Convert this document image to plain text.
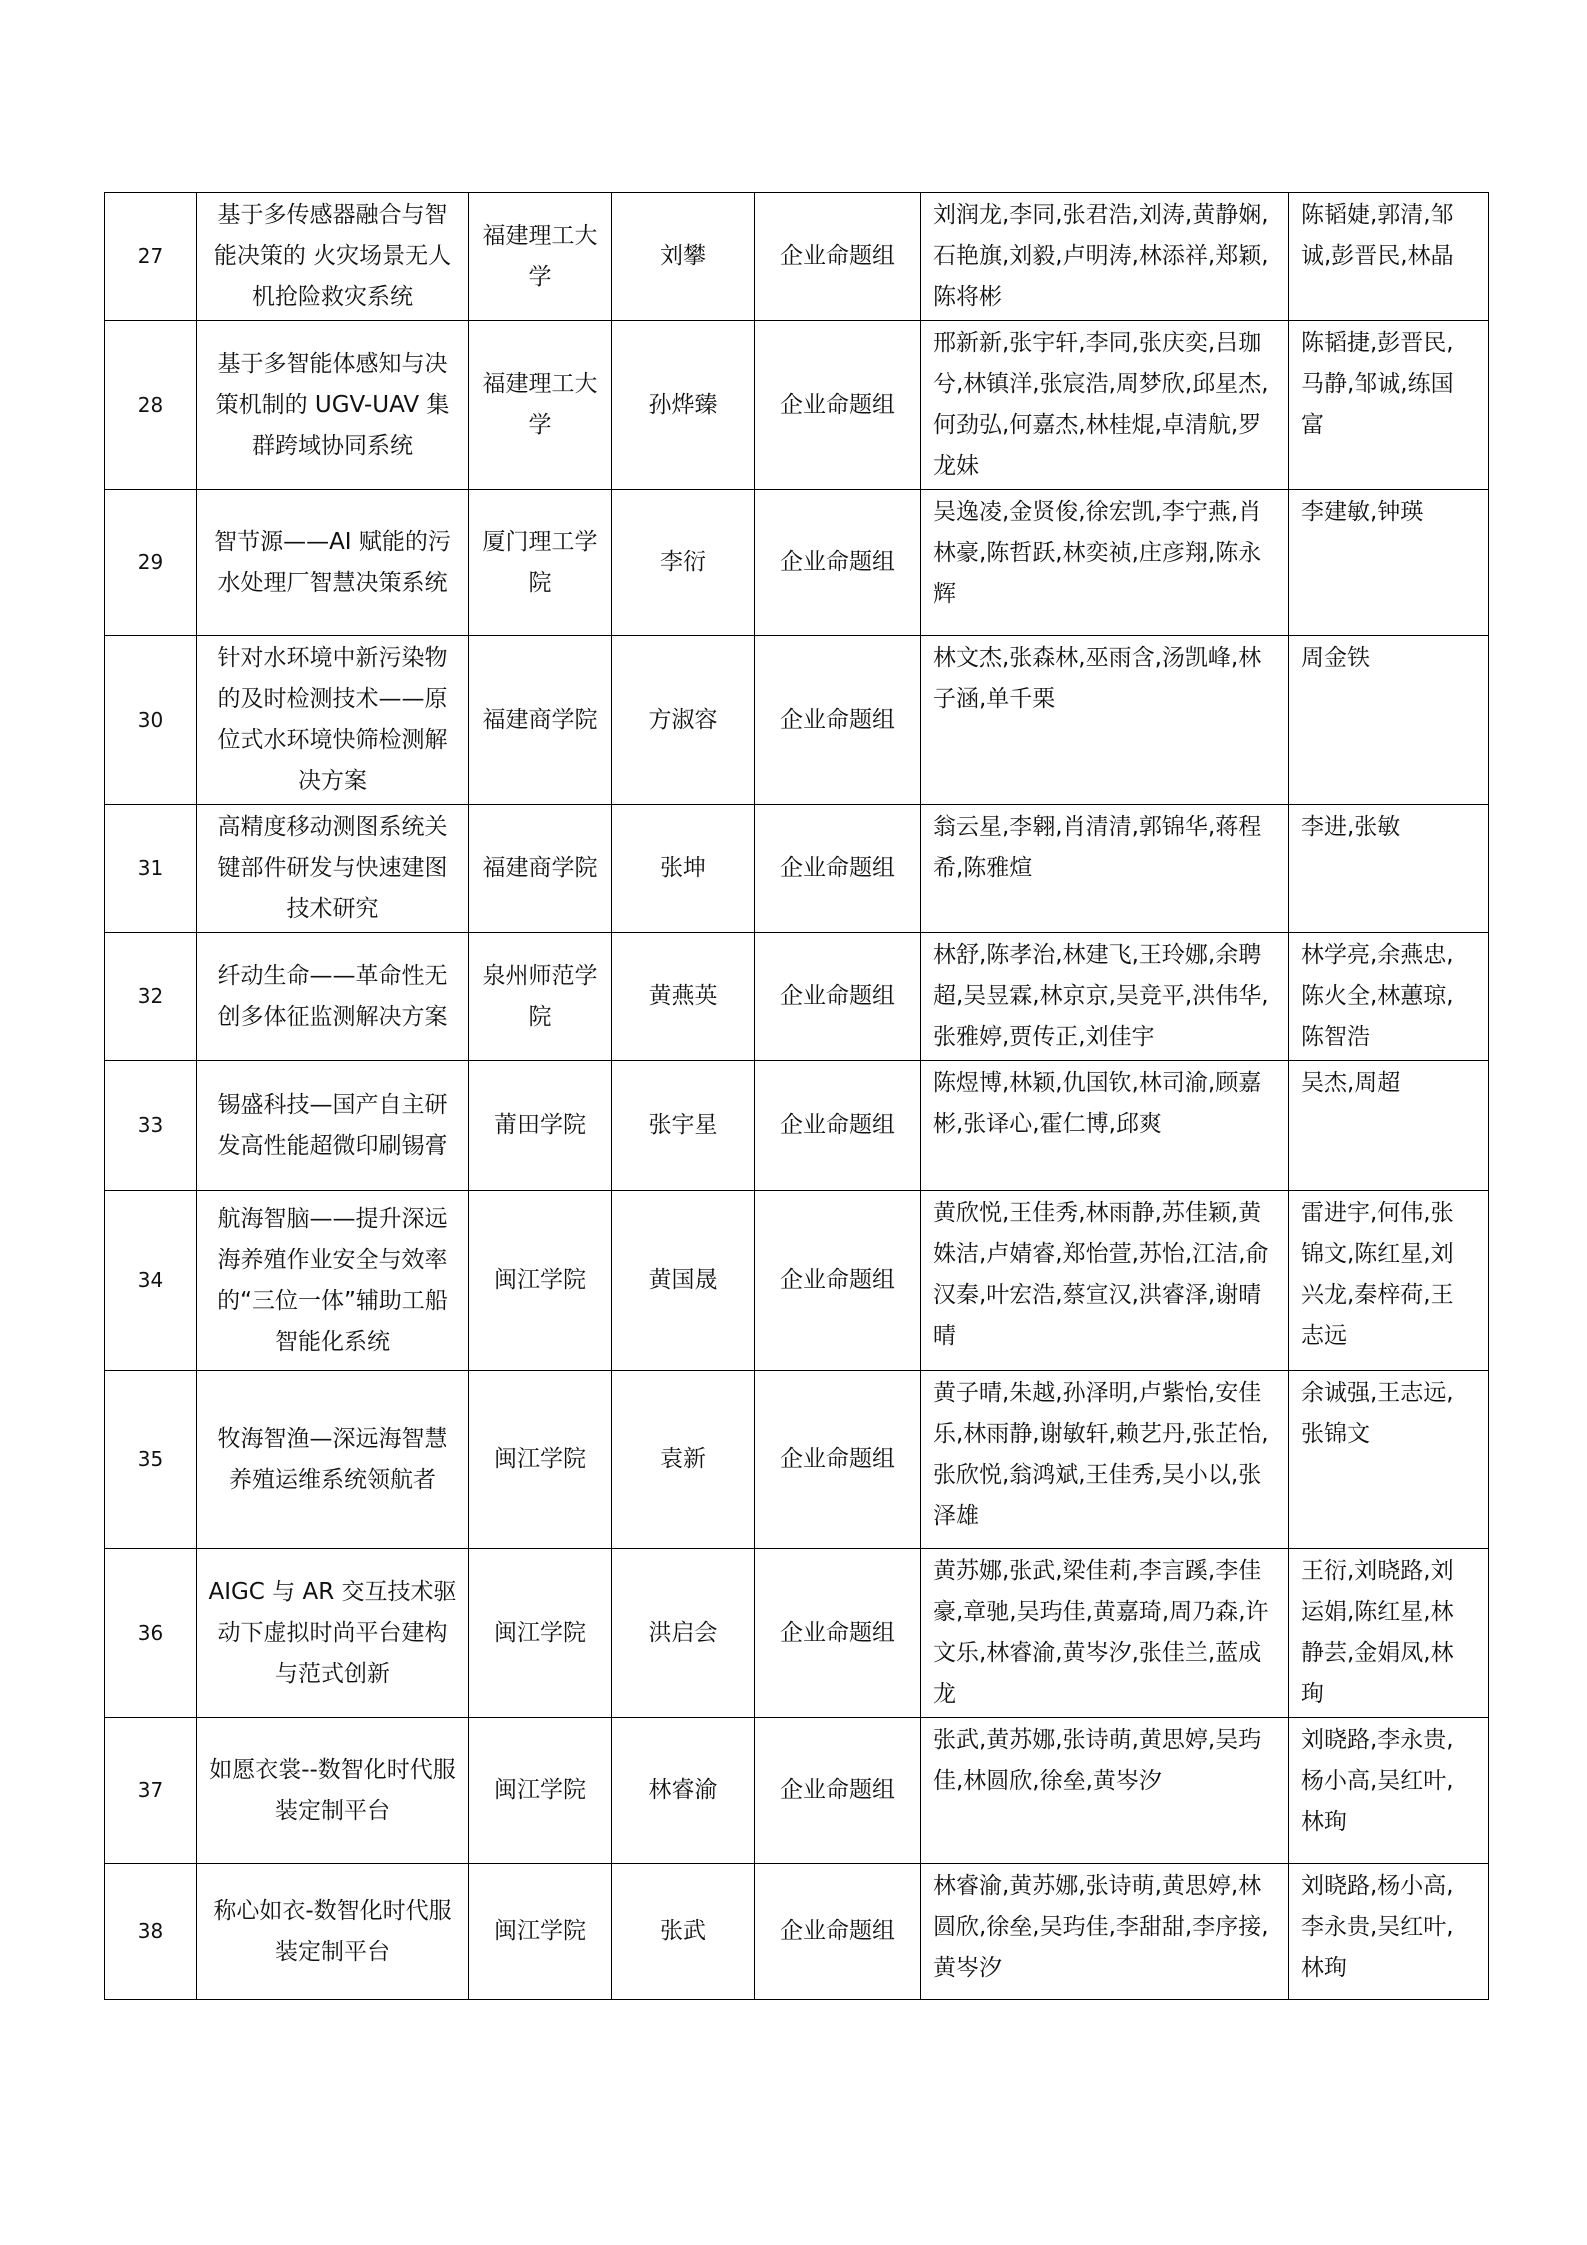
27	基于多传感器融合与智能决策的 火灾场景无人机抢险救灾系统	福建理工大学	刘攀	企业命题组	刘润龙,李同,张君浩,刘涛,黄静娴,石艳旗,刘毅,卢明涛,林添祥,郑颖,陈将彬	陈韬婕,郭清,邹诚,彭晋民,林晶
28	基于多智能体感知与决策机制的 UGV-UAV 集群跨域协同系统	福建理工大学	孙烨臻	企业命题组	邢新新,张宇轩,李同,张庆奕,吕珈兮,林镇洋,张宸浩,周梦欣,邱星杰,何劲弘,何嘉杰,林桂焜,卓清航,罗龙妹	陈韬捷,彭晋民,马静,邹诚,练国富
29	智节源——AI 赋能的污水处理厂智慧决策系统	厦门理工学院	李衍	企业命题组	吴逸凌,金贤俊,徐宏凯,李宁燕,肖林豪,陈哲跃,林奕祯,庄彦翔,陈永辉	李建敏,钟瑛
30	针对水环境中新污染物的及时检测技术——原位式水环境快筛检测解决方案	福建商学院	方淑容	企业命题组	林文杰,张森林,巫雨含,汤凯峰,林子涵,单千栗	周金铁
31	高精度移动测图系统关键部件研发与快速建图技术研究	福建商学院	张坤	企业命题组	翁云星,李翱,肖清清,郭锦华,蒋程希,陈雅煊	李进,张敏
32	纤动生命——革命性无创多体征监测解决方案	泉州师范学院	黄燕英	企业命题组	林舒,陈孝治,林建飞,王玲娜,余聘超,吴昱霖,林京京,吴竞平,洪伟华,张雅婷,贾传正,刘佳宇	林学亮,余燕忠,陈火全,林蕙琼,陈智浩
33	锡盛科技—国产自主研发高性能超微印刷锡膏	莆田学院	张宇星	企业命题组	陈煜博,林颖,仇国钦,林司渝,顾嘉彬,张译心,霍仁博,邱爽	吴杰,周超
34	航海智脑——提升深远海养殖作业安全与效率的“三位一体”辅助工船智能化系统	闽江学院	黄国晟	企业命题组	黄欣悦,王佳秀,林雨静,苏佳颖,黄姝洁,卢婧睿,郑怡萱,苏怡,江洁,俞汉秦,叶宏浩,蔡宣汉,洪睿泽,谢晴晴	雷进宇,何伟,张锦文,陈红星,刘兴龙,秦梓荷,王志远
35	牧海智渔—深远海智慧养殖运维系统领航者	闽江学院	袁新	企业命题组	黄子晴,朱越,孙泽明,卢紫怡,安佳乐,林雨静,谢敏轩,赖艺丹,张芷怡,张欣悦,翁鸿斌,王佳秀,吴小以,张泽雄	余诚强,王志远,张锦文
36	AIGC 与 AR 交互技术驱动下虚拟时尚平台建构与范式创新	闽江学院	洪启会	企业命题组	黄苏娜,张武,梁佳莉,李言蹊,李佳豪,章驰,吴玙佳,黄嘉琦,周乃森,许文乐,林睿渝,黄岑汐,张佳兰,蓝成龙	王衍,刘晓路,刘运娟,陈红星,林静芸,金娟凤,林珣
37	如愿衣裳--数智化时代服装定制平台	闽江学院	林睿渝	企业命题组	张武,黄苏娜,张诗萌,黄思婷,吴玙佳,林圆欣,徐垒,黄岑汐	刘晓路,李永贵,杨小高,吴红叶,林珣
38	称心如衣-数智化时代服装定制平台	闽江学院	张武	企业命题组	林睿渝,黄苏娜,张诗萌,黄思婷,林圆欣,徐垒,吴玙佳,李甜甜,李序接,黄岑汐	刘晓路,杨小高,李永贵,吴红叶,林珣
